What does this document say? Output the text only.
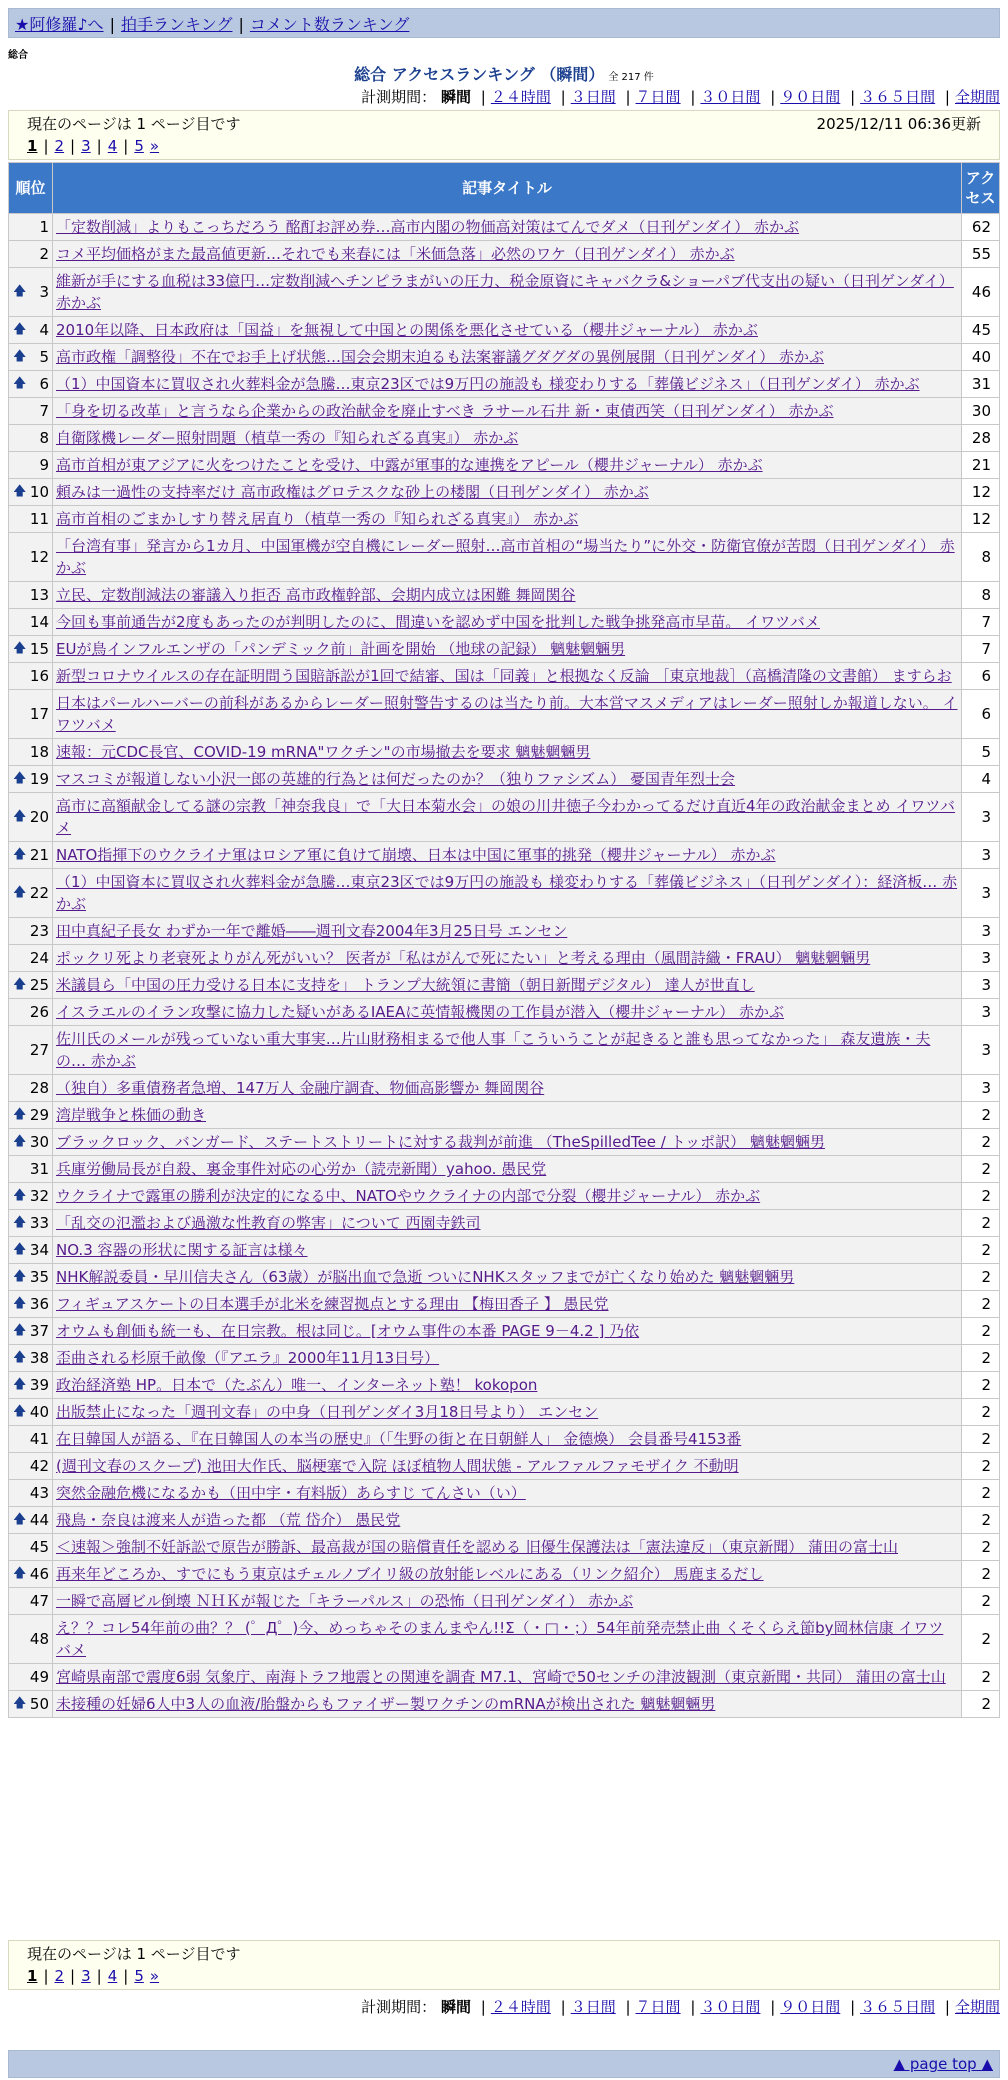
★阿修羅♪へ | 拍手ランキング | コメント数ランキング
総合
総合 アクセスランキング （瞬間） 全 217 件
計測期間： 瞬間 | ２４時間 | ３日間 | ７日間 | ３０日間 | ９０日間 | ３６５日間 | 全期間
現在のページは 1 ページ目です	2025/12/11 06:36更新
1 | 2 | 3 | 4 | 5 »
順位	記事タイトル	アクセス
1	「定数削減」よりもこっちだろう 酩酊お評め券…高市内閣の物価高対策はてんでダメ（日刊ゲンダイ） 赤かぶ	62
2	コメ平均価格がまた最高値更新…それでも来春には「米価急落」必然のワケ（日刊ゲンダイ） 赤かぶ	55

🡅 3	維新が手にする血税は33億円…定数削減へチンピラまがいの圧力、税金原資にキャバクラ&ショーパブ代支出の疑い（日刊ゲンダイ） 赤かぶ	46

🡅 4	2010年以降、日本政府は「国益」を無視して中国との関係を悪化させている（櫻井ジャーナル） 赤かぶ	45

🡅 5	高市政権「調整役」不在でお手上げ状態…国会会期末迫るも法案審議グダグダの異例展開（日刊ゲンダイ） 赤かぶ	40

🡅 6	（1）中国資本に買収され火葬料金が急騰…東京23区では9万円の施設も 様変わりする「葬儀ビジネス」（日刊ゲンダイ） 赤かぶ	31
7	「身を切る改革」と言うなら企業からの政治献金を廃止すべき ラサール石井 新・東債西笑（日刊ゲンダイ） 赤かぶ	30
8	自衛隊機レーダー照射問題（植草一秀の『知られざる真実』） 赤かぶ	28
9	高市首相が東アジアに火をつけたことを受け、中露が軍事的な連携をアピール（櫻井ジャーナル） 赤かぶ	21

🡅 10	頼みは一過性の支持率だけ 高市政権はグロテスクな砂上の楼閣（日刊ゲンダイ） 赤かぶ	12
11	高市首相のごまかしすり替え居直り（植草一秀の『知られざる真実』） 赤かぶ	12
12	「台湾有事」発言から1カ月、中国軍機が空自機にレーダー照射…高市首相の“場当たり”に外交・防衛官僚が苦悶（日刊ゲンダイ） 赤かぶ	8
13	立民、定数削減法の審議入り拒否 高市政権幹部、会期内成立は困難 舞岡関谷	8
14	今回も事前通告が2度もあったのが判明したのに、間違いを認めず中国を批判した戦争挑発高市早苗。 イワツバメ	7

🡅 15	EUが鳥インフルエンザの「パンデミック前」計画を開始 （地球の記録） 魑魅魍魎男	7
16	新型コロナウイルスの存在証明問う国賠訴訟が1回で結審、国は「同義」と根拠なく反論 ［東京地裁］（高橋清隆の文書館） ますらお	6
17	日本はパールハーバーの前科があるからレーダー照射警告するのは当たり前。大本営マスメディアはレーダー照射しか報道しない。 イワツバメ	6
18	速報：元CDC長官、COVID-19 mRNA"ワクチン"の市場撤去を要求 魑魅魍魎男	5

🡅 19	マスコミが報道しない小沢一郎の英雄的行為とは何だったのか？（独りファシズム） 憂国青年烈士会	4

🡅 20	高市に高額献金してる謎の宗教「神奈我良」で「大日本菊水会」の娘の川井徳子今わかってるだけ直近4年の政治献金まとめ イワツバメ	3

🡅 21	NATO指揮下のウクライナ軍はロシア軍に負けて崩壊、日本は中国に軍事的挑発（櫻井ジャーナル） 赤かぶ	3

🡅 22	（1）中国資本に買収され火葬料金が急騰…東京23区では9万円の施設も 様変わりする「葬儀ビジネス」（日刊ゲンダイ）：経済板… 赤かぶ	3
23	田中真紀子長女 わずか一年で離婚――週刊文春2004年3月25日号 エンセン	3
24	ポックリ死より老衰死よりがん死がいい？ 医者が「私はがんで死にたい」と考える理由（風間詩織・FRAU） 魑魅魍魎男	3

🡅 25	米議員ら「中国の圧力受ける日本に支持を」 トランプ大統領に書簡（朝日新聞デジタル） 達人が世直し	3
26	イスラエルのイラン攻撃に協力した疑いがあるIAEAに英情報機関の工作員が潜入（櫻井ジャーナル） 赤かぶ	3
27	佐川氏のメールが残っていない重大事実…片山財務相まるで他人事「こういうことが起きると誰も思ってなかった」 森友遺族・夫の… 赤かぶ	3
28	（独自）多重債務者急増、147万人 金融庁調査、物価高影響か 舞岡関谷	3

🡅 29	湾岸戦争と株価の動き	2

🡅 30	ブラックロック、バンガード、ステートストリートに対する裁判が前進 （TheSpilledTee / トッポ訳） 魑魅魍魎男	2
31	兵庫労働局長が自殺、裏金事件対応の心労か（読売新聞）yahoo. 愚民党	2

🡅 32	ウクライナで露軍の勝利が決定的になる中、NATOやウクライナの内部で分裂（櫻井ジャーナル） 赤かぶ	2

🡅 33	「乱交の氾濫および過激な性教育の弊害」について 西園寺鉄司	2

🡅 34	NO.3 容器の形状に関する証言は様々	2

🡅 35	NHK解説委員・早川信夫さん（63歳）が脳出血で急逝 ついにNHKスタッフまでが亡くなり始めた 魑魅魍魎男	2

🡅 36	フィギュアスケートの日本選手が北米を練習拠点とする理由 【梅田香子 】 愚民党	2

🡅 37	オウムも創価も統一も、在日宗教。根は同じ。[オウム事件の本番 PAGE 9－4.2 ] 乃依	2

🡅 38	歪曲される杉原千畝像（『アエラ』2000年11月13日号）	2

🡅 39	政治経済塾 HP。日本で（たぶん）唯一、インターネット塾！ kokopon	2

🡅 40	出版禁止になった「週刊文春」の中身（日刊ゲンダイ3月18日号より） エンセン	2
41	在日韓国人が語る、『在日韓国人の本当の歴史』（「生野の街と在日朝鮮人」 金德煥） 会員番号4153番	2
42	(週刊文春のスクープ) 池田大作氏、脳梗塞で入院 ほぼ植物人間状態 - アルファルファモザイク 不動明	2
43	突然金融危機になるかも（田中宇・有料版）あらすじ てんさい（い）	2

🡅 44	飛鳥・奈良は渡来人が造った都 （荒 岱介） 愚民党	2
45	＜速報＞強制不妊訴訟で原告が勝訴、最高裁が国の賠償責任を認める 旧優生保護法は「憲法違反」（東京新聞） 蒲田の富士山	2

🡅 46	再来年どころか、すでにもう東京はチェルノブイリ級の放射能レベルにある（リンク紹介） 馬鹿まるだし	2
47	一瞬で高層ビル倒壊 ＮＨＫが報じた「キラーパルス」の恐怖（日刊ゲンダイ） 赤かぶ	2
48	え？？コレ54年前の曲？？ (゜Д゜)今、めっちゃそのまんまやん!!Σ（・□・；）54年前発売禁止曲 くそくらえ節by岡林信康 イワツバメ	2
49	宮崎県南部で震度6弱 気象庁、南海トラフ地震との関連を調査 M7.1、宮崎で50センチの津波観測（東京新聞・共同） 蒲田の富士山	2

🡅 50	未接種の妊婦6人中3人の血液/胎盤からもファイザー製ワクチンのmRNAが検出された 魑魅魍魎男	2
現在のページは 1 ページ目です
1 | 2 | 3 | 4 | 5 »
計測期間： 瞬間 | ２４時間 | ３日間 | ７日間 | ３０日間 | ９０日間 | ３６５日間 | 全期間
▲ page top ▲
